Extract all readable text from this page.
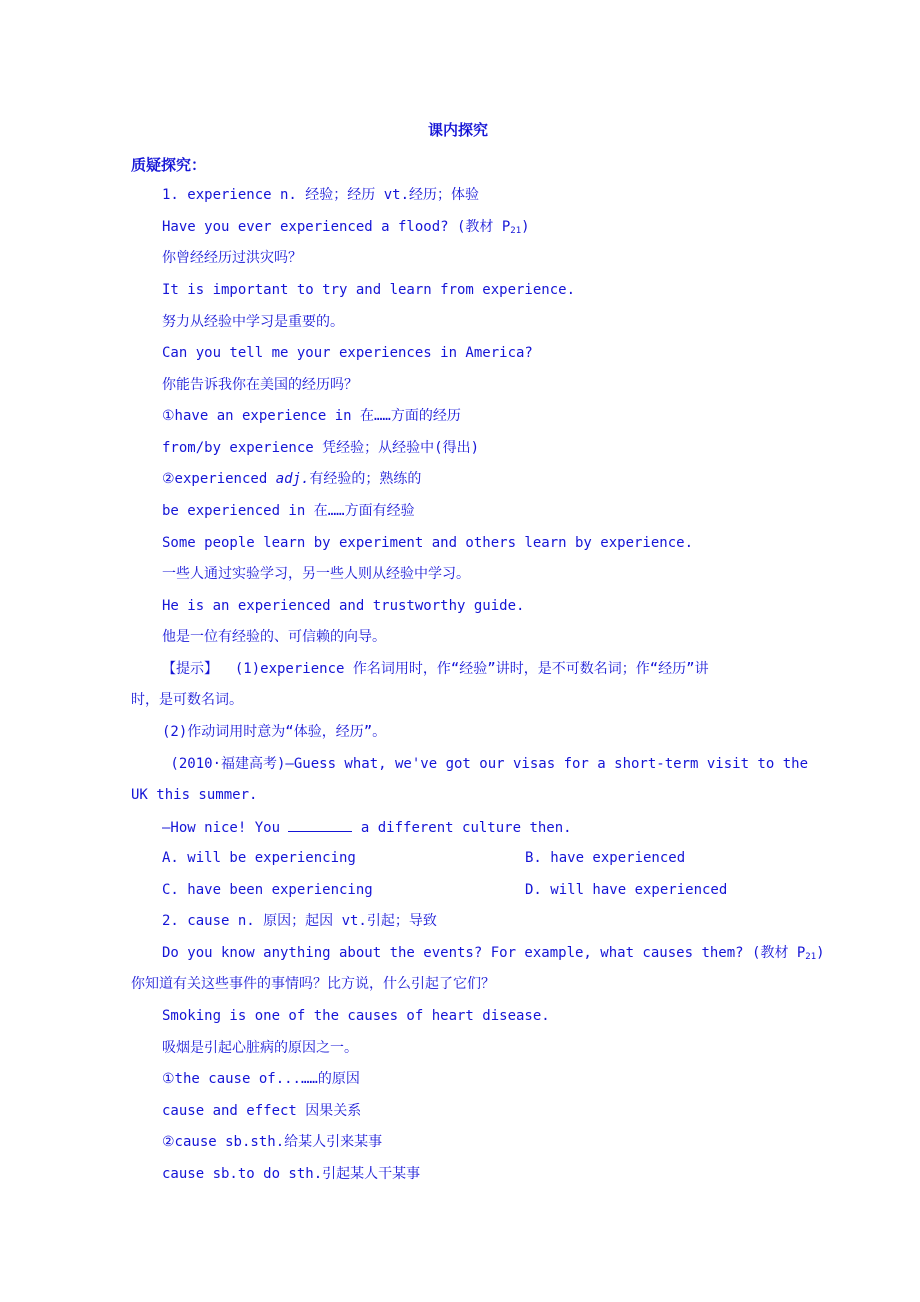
课内探究
质疑探究：
1. experience n. 经验；经历 vt.经历；体验
Have you ever experienced a flood? (教材 $P_{21}$)
你曾经经历过洪灾吗？
It is important to try and learn from experience.
努力从经验中学习是重要的。
Can you tell me your experiences in America?
你能告诉我你在美国的经历吗？
①have an experience in 在……方面的经历
from/by experience 凭经验；从经验中(得出)
②experienced adj.有经验的；熟练的
be experienced in 在……方面有经验
Some people learn by experiment and others learn by experience.
一些人通过实验学习，另一些人则从经验中学习。
He is an experienced and trustworthy guide.
他是一位有经验的、可信赖的向导。
【提示】  (1)experience 作名词用时，作“经验”讲时，是不可数名词；作“经历”讲
时，是可数名词。
(2)作动词用时意为“体验，经历”。
(2010·福建高考)—Guess what, we've got our visas for a short-term visit to the
UK this summer.
—How nice! You	a different culture then.
A. will be experiencing	B. have experienced
C. have been experiencing	D. will have experienced
2. cause n. 原因；起因 vt.引起；导致
Do you know anything about the events? For example, what causes them? (教材 $P_{21}$)
你知道有关这些事件的事情吗？比方说，什么引起了它们？
Smoking is one of the causes of heart disease.
吸烟是引起心脏病的原因之一。
①the cause of...……的原因
cause and effect 因果关系
②cause sb.sth.给某人引来某事
cause sb.to do sth.引起某人干某事
